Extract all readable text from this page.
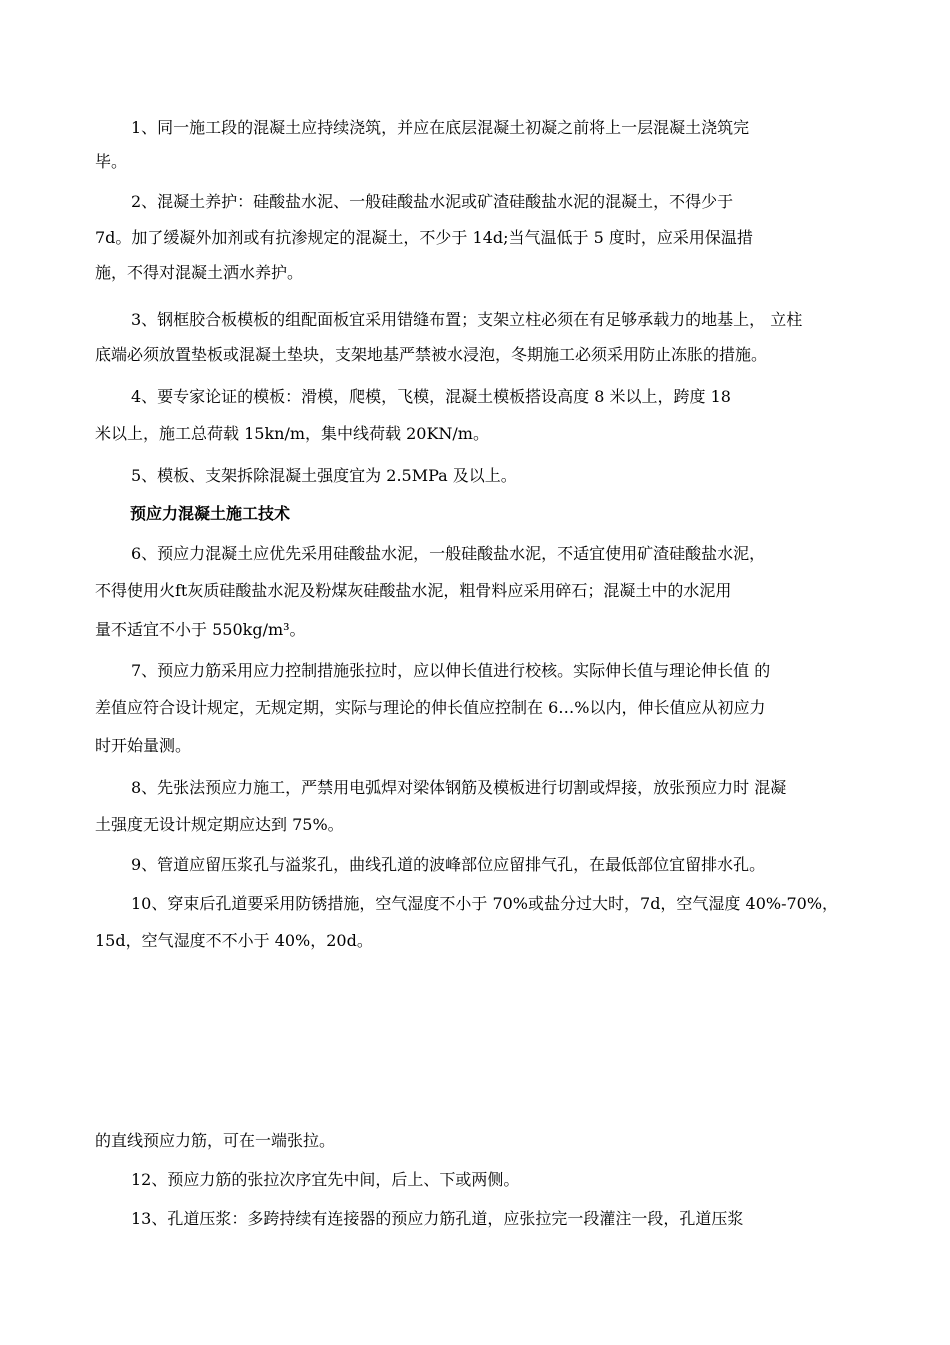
1、同一施工段的混凝土应持续浇筑，并应在底层混凝土初凝之前将上一层混凝土浇筑完
毕。
2、混凝土养护：硅酸盐水泥、一般硅酸盐水泥或矿渣硅酸盐水泥的混凝土，不得少于
7d。加了缓凝外加剂或有抗渗规定的混凝土，不少于 14d;当气温低于 5 度时，应采用保温措
施，不得对混凝土洒水养护。
3、钢框胶合板模板的组配面板宜采用错缝布置；支架立柱必须在有足够承载力的地基上， 立柱
底端必须放置垫板或混凝土垫块，支架地基严禁被水浸泡，冬期施工必须采用防止冻胀的措施。
4、要专家论证的模板：滑模，爬模，飞模，混凝土模板搭设高度 8 米以上，跨度 18
米以上，施工总荷载 15kn/m，集中线荷载 20KN/m。
5、模板、支架拆除混凝土强度宜为 2.5MPa 及以上。
预应力混凝土施工技术
6、预应力混凝土应优先采用硅酸盐水泥，一般硅酸盐水泥，不适宜使用矿渣硅酸盐水泥，
不得使用火ft灰质硅酸盐水泥及粉煤灰硅酸盐水泥，粗骨料应采用碎石；混凝土中的水泥用
量不适宜不小于 550kg/m³。
7、预应力筋采用应力控制措施张拉时，应以伸长值进行校核。实际伸长值与理论伸长值 的
差值应符合设计规定，无规定期，实际与理论的伸长值应控制在 6…%以内，伸长值应从初应力
时开始量测。
8、先张法预应力施工，严禁用电弧焊对梁体钢筋及模板进行切割或焊接，放张预应力时 混凝
土强度无设计规定期应达到 75%。
9、管道应留压浆孔与溢浆孔，曲线孔道的波峰部位应留排气孔，在最低部位宜留排水孔。
10、穿束后孔道要采用防锈措施，空气湿度不小于 70%或盐分过大时，7d，空气湿度 40%-70%，
15d，空气湿度不不小于 40%，20d。
的直线预应力筋，可在一端张拉。
12、预应力筋的张拉次序宜先中间，后上、下或两侧。
13、孔道压浆：多跨持续有连接器的预应力筋孔道，应张拉完一段灌注一段，孔道压浆
